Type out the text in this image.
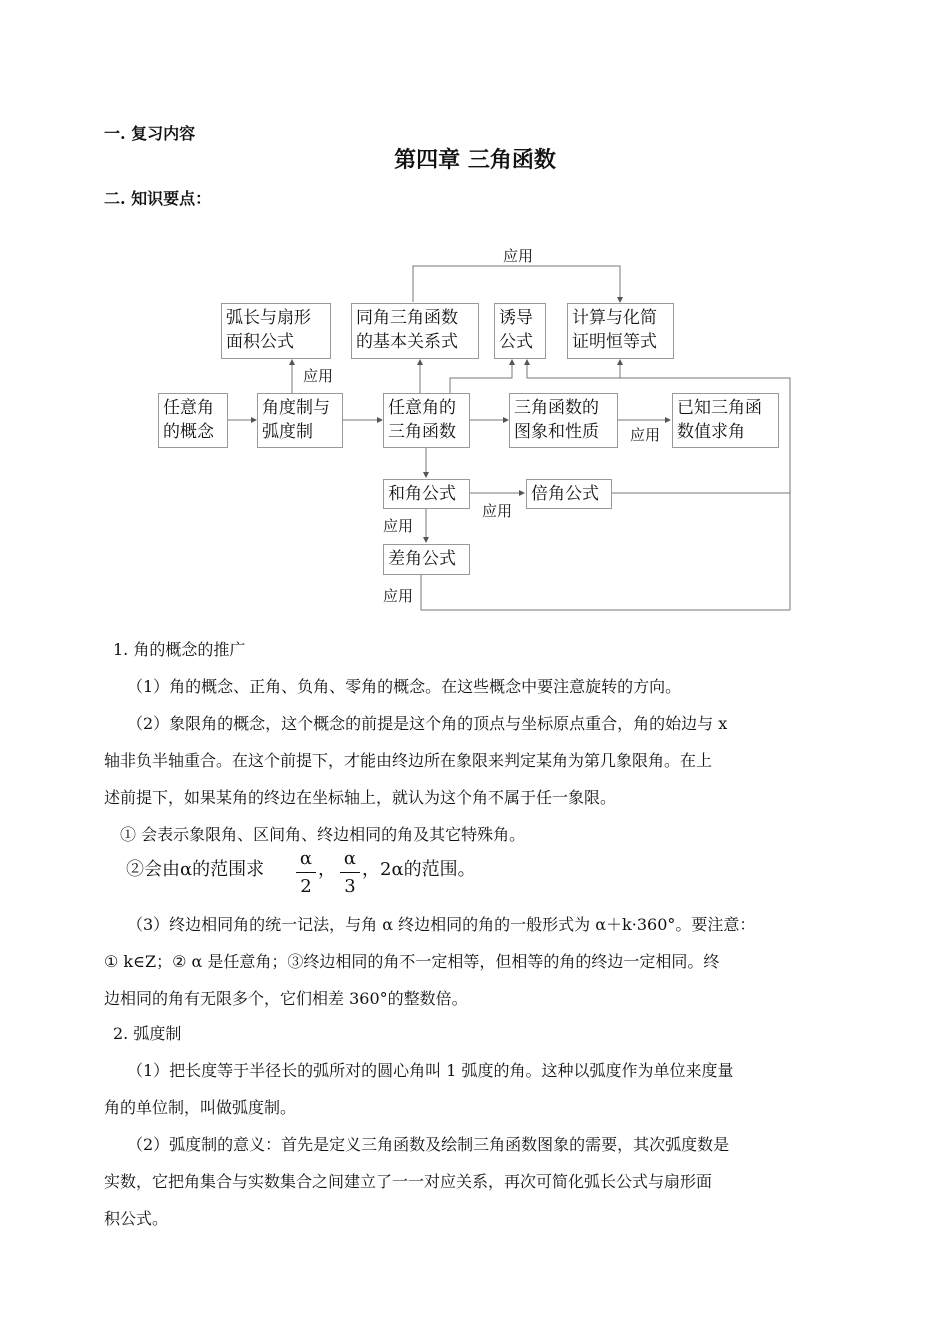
一. 复习内容
第四章 三角函数
二. 知识要点：
弧长与扇形
面积公式
同角三角函数
的基本关系式
诱导
公式
计算与化简
证明恒等式
任意角
的概念
角度制与
弧度制
任意角的
三角函数
三角函数的
图象和性质
已知三角函
数值求角
和角公式	倍角公式
差角公式
应用
应用
应用
应用
应用
应用
1. 角的概念的推广
（1）角的概念、正角、负角、零角的概念。在这些概念中要注意旋转的方向。
（2）象限角的概念，这个概念的前提是这个角的顶点与坐标原点重合，角的始边与 x
轴非负半轴重合。在这个前提下，才能由终边所在象限来判定某角为第几象限角。在上
述前提下，如果某角的终边在坐标轴上，就认为这个角不属于任一象限。
① 会表示象限角、区间角、终边相同的角及其它特殊角。
②会由α的范围求
α
2
，
α
3
，2α的范围。
（3）终边相同角的统一记法，与角 α 终边相同的角的一般形式为 α＋k·360°。要注意：
① k∈Z；② α 是任意角；③终边相同的角不一定相等，但相等的角的终边一定相同。终
边相同的角有无限多个，它们相差 360°的整数倍。
2. 弧度制
（1）把长度等于半径长的弧所对的圆心角叫 1 弧度的角。这种以弧度作为单位来度量
角的单位制，叫做弧度制。
（2）弧度制的意义：首先是定义三角函数及绘制三角函数图象的需要，其次弧度数是
实数，它把角集合与实数集合之间建立了一一对应关系，再次可简化弧长公式与扇形面
积公式。
